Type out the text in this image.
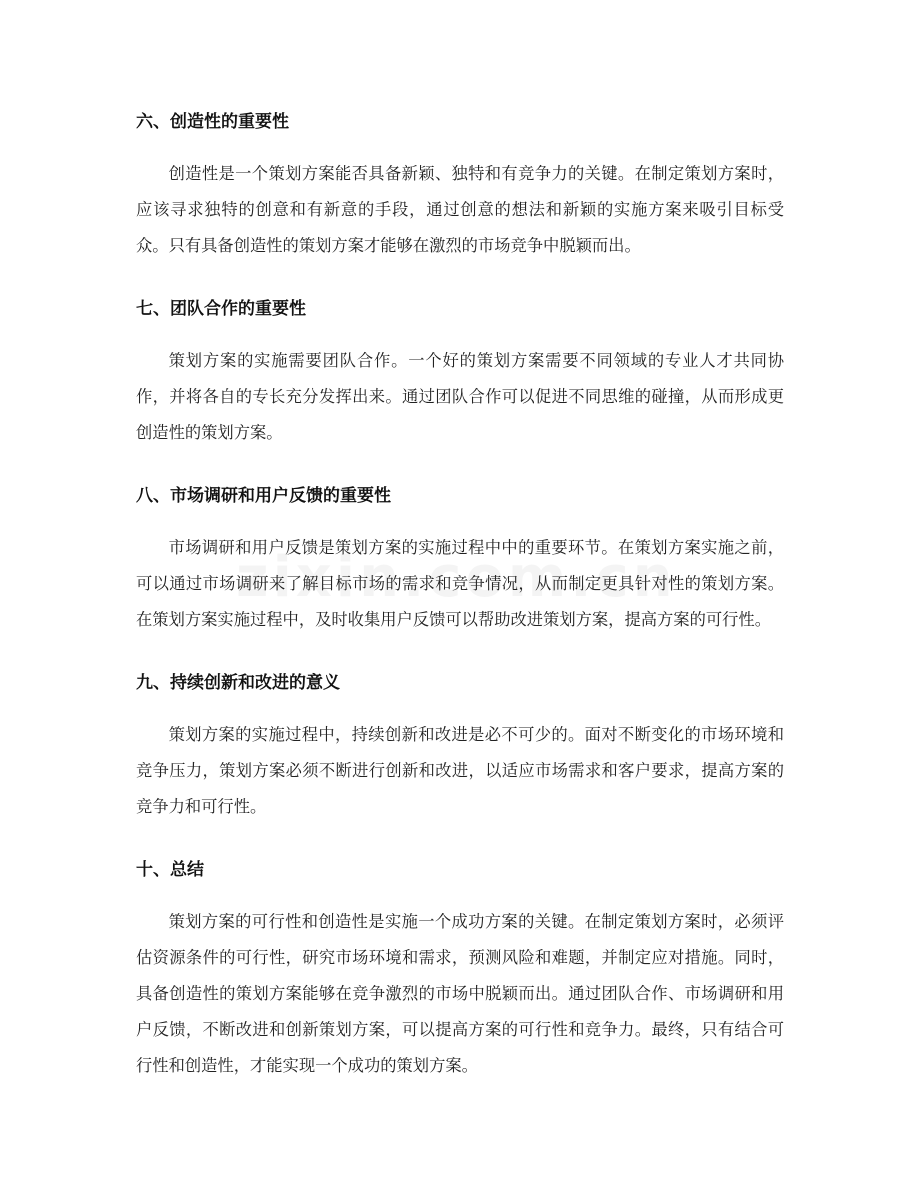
六、创造性的重要性

创造性是一个策划方案能否具备新颖、独特和有竞争力的关键。在制定策划方案时，应该寻求独特的创意和有新意的手段，通过创意的想法和新颖的实施方案来吸引目标受众。只有具备创造性的策划方案才能够在激烈的市场竞争中脱颖而出。

七、团队合作的重要性

策划方案的实施需要团队合作。一个好的策划方案需要不同领域的专业人才共同协作，并将各自的专长充分发挥出来。通过团队合作可以促进不同思维的碰撞，从而形成更创造性的策划方案。

八、市场调研和用户反馈的重要性

市场调研和用户反馈是策划方案的实施过程中中的重要环节。在策划方案实施之前，可以通过市场调研来了解目标市场的需求和竞争情况，从而制定更具针对性的策划方案。在策划方案实施过程中，及时收集用户反馈可以帮助改进策划方案，提高方案的可行性。

九、持续创新和改进的意义

策划方案的实施过程中，持续创新和改进是必不可少的。面对不断变化的市场环境和竞争压力，策划方案必须不断进行创新和改进，以适应市场需求和客户要求，提高方案的竞争力和可行性。

十、总结

策划方案的可行性和创造性是实施一个成功方案的关键。在制定策划方案时，必须评估资源条件的可行性，研究市场环境和需求，预测风险和难题，并制定应对措施。同时，具备创造性的策划方案能够在竞争激烈的市场中脱颖而出。通过团队合作、市场调研和用户反馈，不断改进和创新策划方案，可以提高方案的可行性和竞争力。最终，只有结合可行性和创造性，才能实现一个成功的策划方案。
